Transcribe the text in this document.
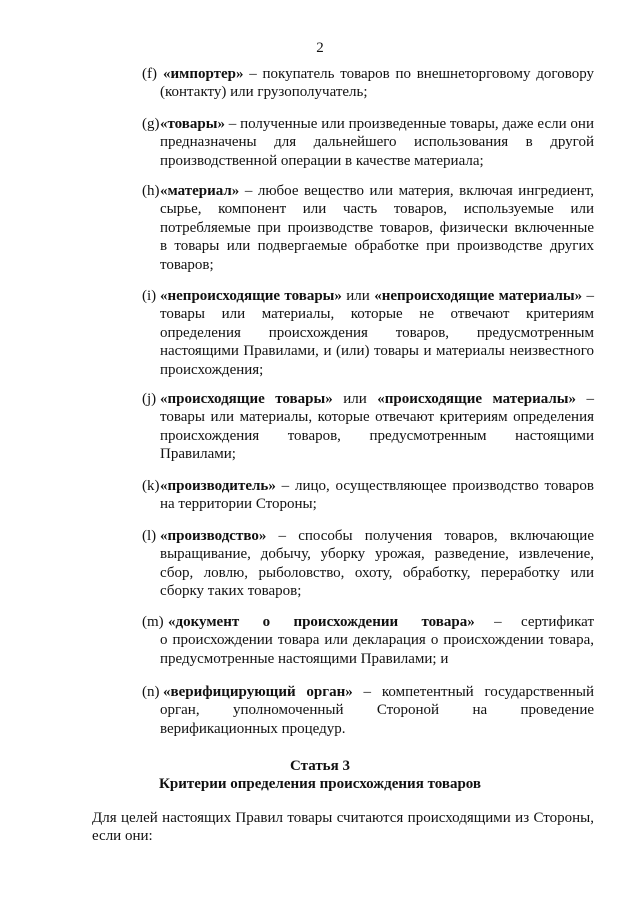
2
(f) «импортер» – покупатель товаров по внешнеторговому договору
(контакту) или грузополучатель;
(g) «товары» – полученные или произведенные товары, даже если они
предназначены для дальнейшего использования в другой
производственной операции в качестве материала;
(h) «материал» – любое вещество или материя, включая ингредиент,
сырье, компонент или часть товаров, используемые или
потребляемые при производстве товаров, физически включенные
в товары или подвергаемые обработке при производстве других
товаров;
(i) «непроисходящие товары» или «непроисходящие материалы» –
товары или материалы, которые не отвечают критериям
определения происхождения товаров, предусмотренным
настоящими Правилами, и (или) товары и материалы неизвестного
происхождения;
(j) «происходящие товары» или «происходящие материалы» –
товары или материалы, которые отвечают критериям определения
происхождения товаров, предусмотренным настоящими
Правилами;
(k) «производитель» – лицо, осуществляющее производство товаров
на территории Стороны;
(l) «производство» – способы получения товаров, включающие
выращивание, добычу, уборку урожая, разведение, извлечение,
сбор, ловлю, рыболовство, охоту, обработку, переработку или
сборку таких товаров;
(m) «документ о происхождении товара» – сертификат
о происхождении товара или декларация о происхождении товара,
предусмотренные настоящими Правилами; и
(n) «верифицирующий орган» – компетентный государственный
орган, уполномоченный Стороной на проведение
верификационных процедур.
Статья 3
Критерии определения происхождения товаров
Для целей настоящих Правил товары считаются происходящими из Стороны,
если они:
